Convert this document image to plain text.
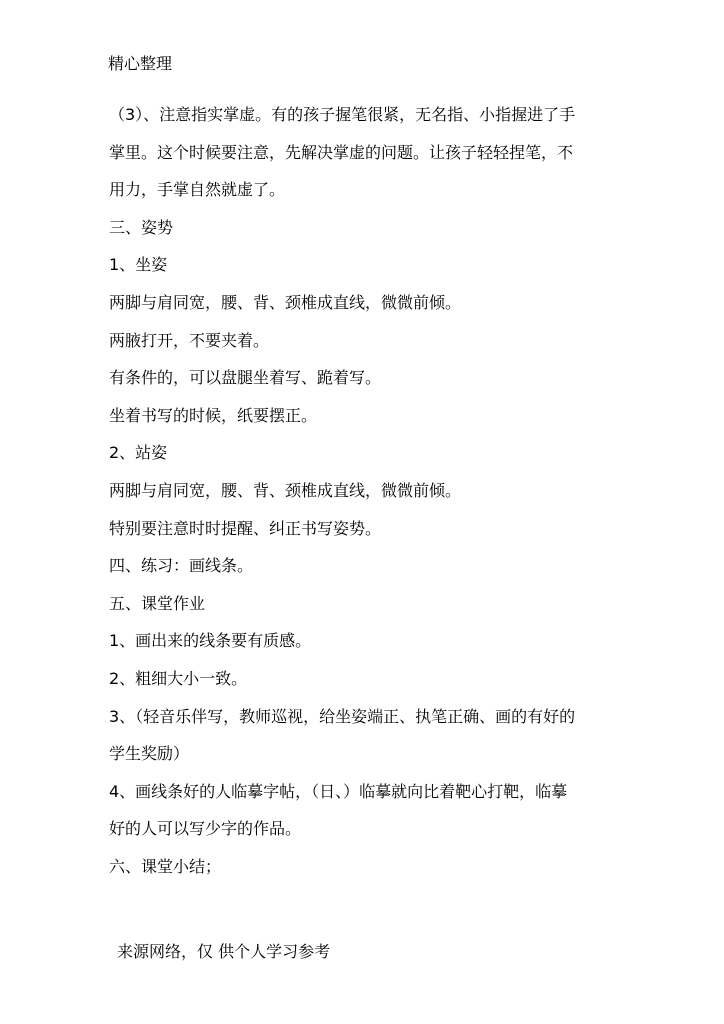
精心整理
（3）、注意指实掌虚。有的孩子握笔很紧，无名指、小指握进了手
掌里。这个时候要注意，先解决掌虚的问题。让孩子轻轻捏笔，不
用力，手掌自然就虚了。
三、姿势
1、坐姿
两脚与肩同宽，腰、背、颈椎成直线，微微前倾。
两腋打开，不要夹着。
有条件的，可以盘腿坐着写、跪着写。
坐着书写的时候，纸要摆正。
2、站姿
两脚与肩同宽，腰、背、颈椎成直线，微微前倾。
特别要注意时时提醒、纠正书写姿势。
四、练习：画线条。
五、课堂作业
1、画出来的线条要有质感。
2、粗细大小一致。
3、（轻音乐伴写，教师巡视，给坐姿端正、执笔正确、画的有好的
学生奖励）
4、画线条好的人临摹字帖，（日、）临摹就向比着靶心打靶，临摹
好的人可以写少字的作品。
六、课堂小结；
来源网络，仅 供个人学习参考
